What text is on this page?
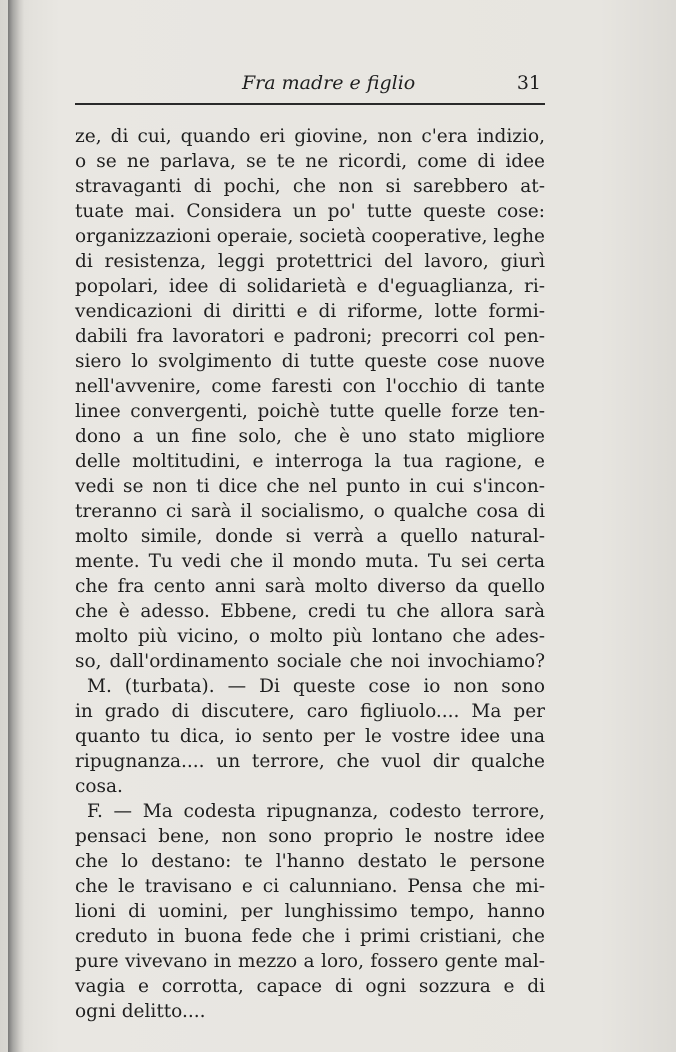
Fra madre e figlio	31
ze, di cui, quando eri giovine, non c'era indizio,
o se ne parlava, se te ne ricordi, come di idee
stravaganti di pochi, che non si sarebbero at-
tuate mai. Considera un po' tutte queste cose:
organizzazioni operaie, società cooperative, leghe
di resistenza, leggi protettrici del lavoro, giurì
popolari, idee di solidarietà e d'eguaglianza, ri-
vendicazioni di diritti e di riforme, lotte formi-
dabili fra lavoratori e padroni; precorri col pen-
siero lo svolgimento di tutte queste cose nuove
nell'avvenire, come faresti con l'occhio di tante
linee convergenti, poichè tutte quelle forze ten-
dono a un fine solo, che è uno stato migliore
delle moltitudini, e interroga la tua ragione, e
vedi se non ti dice che nel punto in cui s'incon-
treranno ci sarà il socialismo, o qualche cosa di
molto simile, donde si verrà a quello natural-
mente. Tu vedi che il mondo muta. Tu sei certa
che fra cento anni sarà molto diverso da quello
che è adesso. Ebbene, credi tu che allora sarà
molto più vicino, o molto più lontano che ades-
so, dall'ordinamento sociale che noi invochiamo?
M. (turbata). — Di queste cose io non sono
in grado di discutere, caro figliuolo.... Ma per
quanto tu dica, io sento per le vostre idee una
ripugnanza.... un terrore, che vuol dir qualche
cosa.
F. — Ma codesta ripugnanza, codesto terrore,
pensaci bene, non sono proprio le nostre idee
che lo destano: te l'hanno destato le persone
che le travisano e ci calunniano. Pensa che mi-
lioni di uomini, per lunghissimo tempo, hanno
creduto in buona fede che i primi cristiani, che
pure vivevano in mezzo a loro, fossero gente mal-
vagia e corrotta, capace di ogni sozzura e di
ogni delitto....
